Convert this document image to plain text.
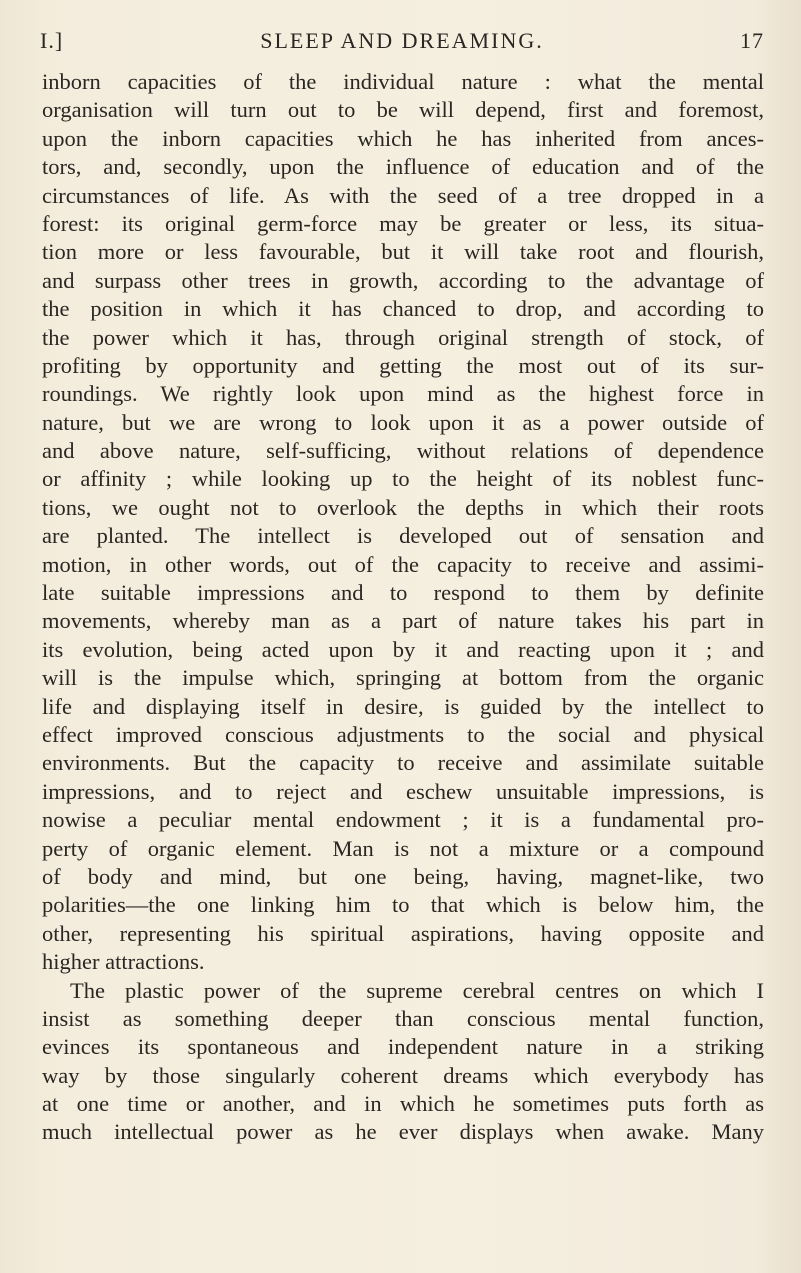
I.]	SLEEP AND DREAMING.	17
inborn capacities of the individual nature : what the mental
organisation will turn out to be will depend, first and foremost,
upon the inborn capacities which he has inherited from ances-
tors, and, secondly, upon the influence of education and of the
circumstances of life. As with the seed of a tree dropped in a
forest: its original germ-force may be greater or less, its situa-
tion more or less favourable, but it will take root and flourish,
and surpass other trees in growth, according to the advantage of
the position in which it has chanced to drop, and according to
the power which it has, through original strength of stock, of
profiting by opportunity and getting the most out of its sur-
roundings. We rightly look upon mind as the highest force in
nature, but we are wrong to look upon it as a power outside of
and above nature, self-sufficing, without relations of dependence
or affinity ; while looking up to the height of its noblest func-
tions, we ought not to overlook the depths in which their roots
are planted. The intellect is developed out of sensation and
motion, in other words, out of the capacity to receive and assimi-
late suitable impressions and to respond to them by definite
movements, whereby man as a part of nature takes his part in
its evolution, being acted upon by it and reacting upon it ; and
will is the impulse which, springing at bottom from the organic
life and displaying itself in desire, is guided by the intellect to
effect improved conscious adjustments to the social and physical
environments. But the capacity to receive and assimilate suitable
impressions, and to reject and eschew unsuitable impressions, is
nowise a peculiar mental endowment ; it is a fundamental pro-
perty of organic element. Man is not a mixture or a compound
of body and mind, but one being, having, magnet-like, two
polarities—the one linking him to that which is below him, the
other, representing his spiritual aspirations, having opposite and
higher attractions.
The plastic power of the supreme cerebral centres on which I
insist as something deeper than conscious mental function,
evinces its spontaneous and independent nature in a striking
way by those singularly coherent dreams which everybody has
at one time or another, and in which he sometimes puts forth as
much intellectual power as he ever displays when awake. Many
